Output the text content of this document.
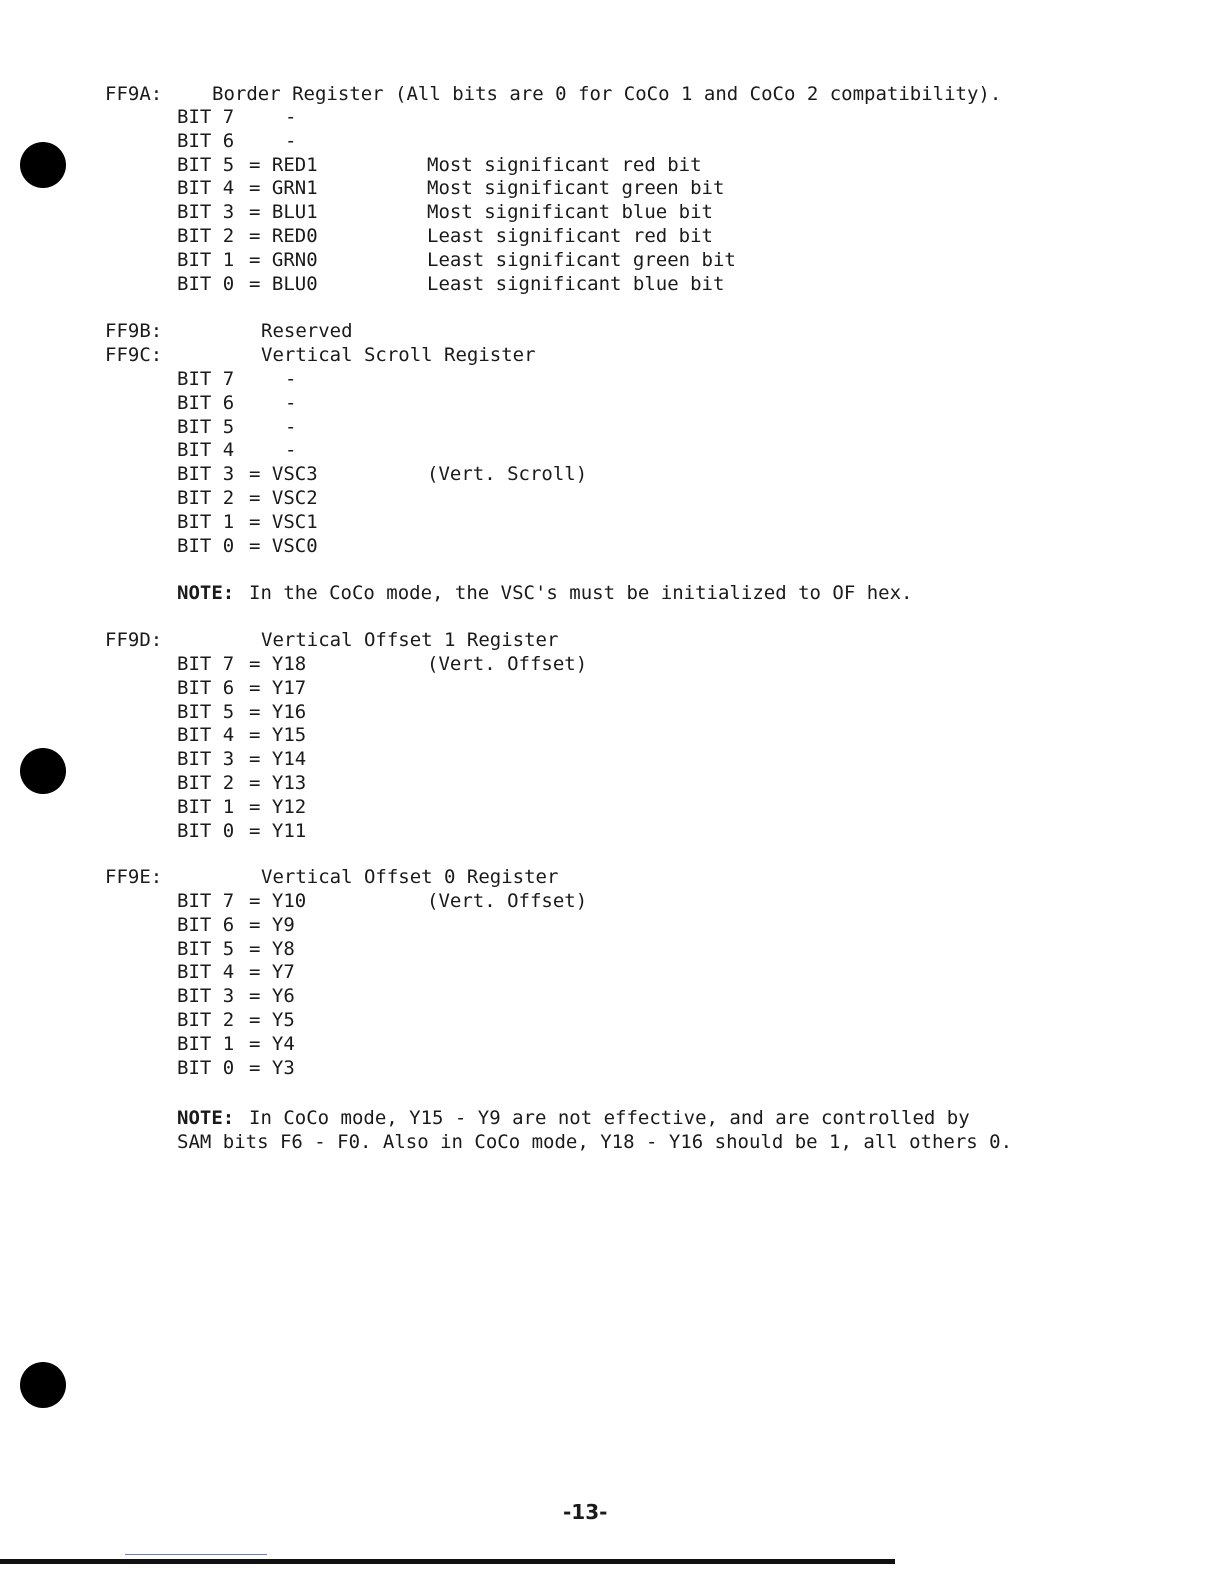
FF9A:	Border Register (All bits are 0 for CoCo 1 and CoCo 2 compatibility).
BIT 7	-
BIT 6	-
BIT 5 = RED1	Most significant red bit
BIT 4 = GRN1	Most significant green bit
BIT 3 = BLU1	Most significant blue bit
BIT 2 = RED0	Least significant red bit
BIT 1 = GRN0	Least significant green bit
BIT 0 = BLU0	Least significant blue bit
FF9B:	Reserved
FF9C:	Vertical Scroll Register
BIT 7	-
BIT 6	-
BIT 5	-
BIT 4	-
BIT 3 = VSC3	(Vert. Scroll)
BIT 2 = VSC2
BIT 1 = VSC1
BIT 0 = VSC0
NOTE: In the CoCo mode, the VSC's must be initialized to OF hex.
FF9D:	Vertical Offset 1 Register
BIT 7 = Y18	(Vert. Offset)
BIT 6 = Y17
BIT 5 = Y16
BIT 4 = Y15
BIT 3 = Y14
BIT 2 = Y13
BIT 1 = Y12
BIT 0 = Y11
FF9E:	Vertical Offset 0 Register
BIT 7 = Y10	(Vert. Offset)
BIT 6 = Y9
BIT 5 = Y8
BIT 4 = Y7
BIT 3 = Y6
BIT 2 = Y5
BIT 1 = Y4
BIT 0 = Y3
NOTE: In CoCo mode, Y15 - Y9 are not effective, and are controlled by
SAM bits F6 - F0. Also in CoCo mode, Y18 - Y16 should be 1, all others 0.
-13-
